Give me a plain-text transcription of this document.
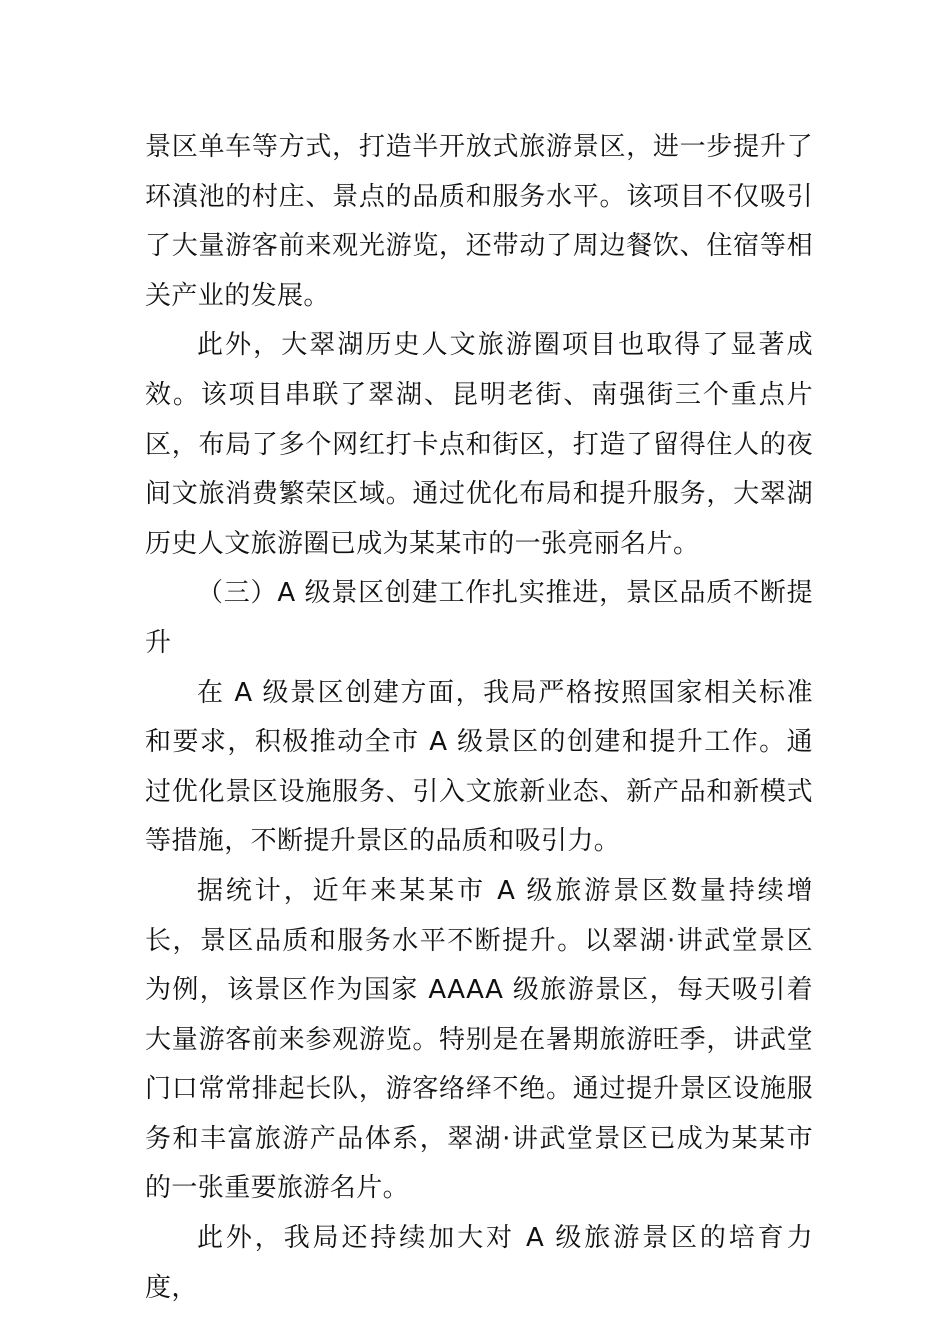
景区单车等方式，打造半开放式旅游景区，进一步提升了环滇池的村庄、景点的品质和服务水平。该项目不仅吸引了大量游客前来观光游览，还带动了周边餐饮、住宿等相关产业的发展。

此外，大翠湖历史人文旅游圈项目也取得了显著成效。该项目串联了翠湖、昆明老街、南强街三个重点片区，布局了多个网红打卡点和街区，打造了留得住人的夜间文旅消费繁荣区域。通过优化布局和提升服务，大翠湖历史人文旅游圈已成为某某市的一张亮丽名片。

（三）A 级景区创建工作扎实推进，景区品质不断提升

在 A 级景区创建方面，我局严格按照国家相关标准和要求，积极推动全市 A 级景区的创建和提升工作。通过优化景区设施服务、引入文旅新业态、新产品和新模式等措施，不断提升景区的品质和吸引力。

据统计，近年来某某市 A 级旅游景区数量持续增长，景区品质和服务水平不断提升。以翠湖·讲武堂景区为例，该景区作为国家 AAAA 级旅游景区，每天吸引着大量游客前来参观游览。特别是在暑期旅游旺季，讲武堂门口常常排起长队，游客络绎不绝。通过提升景区设施服务和丰富旅游产品体系，翠湖·讲武堂景区已成为某某市的一张重要旅游名片。

此外，我局还持续加大对 A 级旅游景区的培育力度，
